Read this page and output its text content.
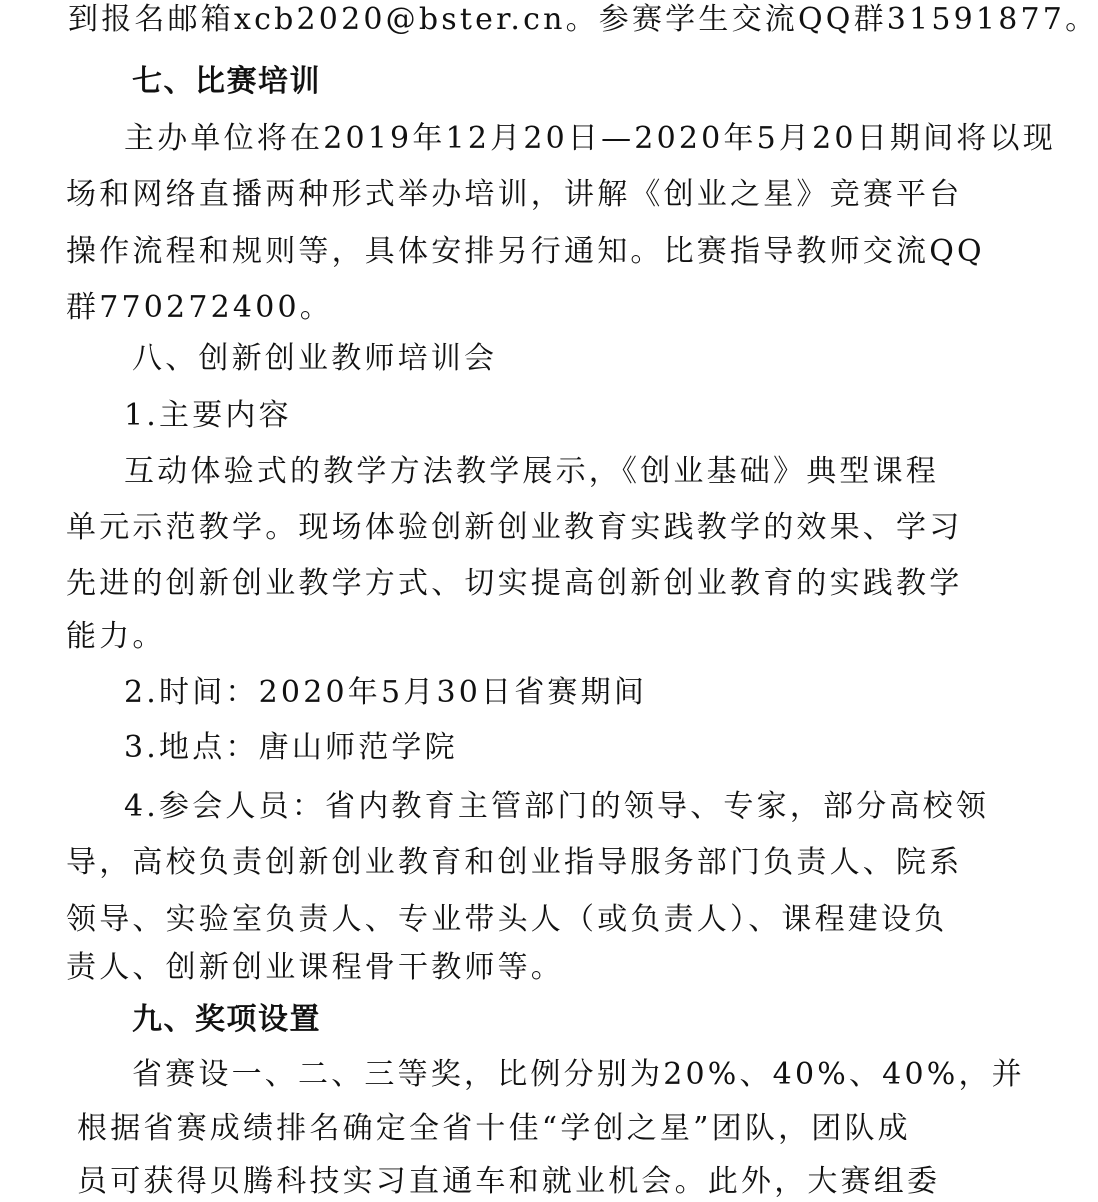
到报名邮箱xcb2020@bster.cn。参赛学生交流QQ群31591877。
七、比赛培训
主办单位将在2019年12月20日—2020年5月20日期间将以现
场和网络直播两种形式举办培训，讲解《创业之星》竞赛平台
操作流程和规则等，具体安排另行通知。比赛指导教师交流QQ
群770272400。
八、创新创业教师培训会
1.主要内容
互动体验式的教学方法教学展示，《创业基础》典型课程
单元示范教学。现场体验创新创业教育实践教学的效果、学习
先进的创新创业教学方式、切实提高创新创业教育的实践教学
能力。
2.时间：2020年5月30日省赛期间
3.地点：唐山师范学院
4.参会人员：省内教育主管部门的领导、专家，部分高校领
导，高校负责创新创业教育和创业指导服务部门负责人、院系
领导、实验室负责人、专业带头人（或负责人）、课程建设负
责人、创新创业课程骨干教师等。
九、奖项设置
省赛设一、二、三等奖，比例分别为20%、40%、40%，并
根据省赛成绩排名确定全省十佳“学创之星”团队，团队成
员可获得贝腾科技实习直通车和就业机会。此外，大赛组委
